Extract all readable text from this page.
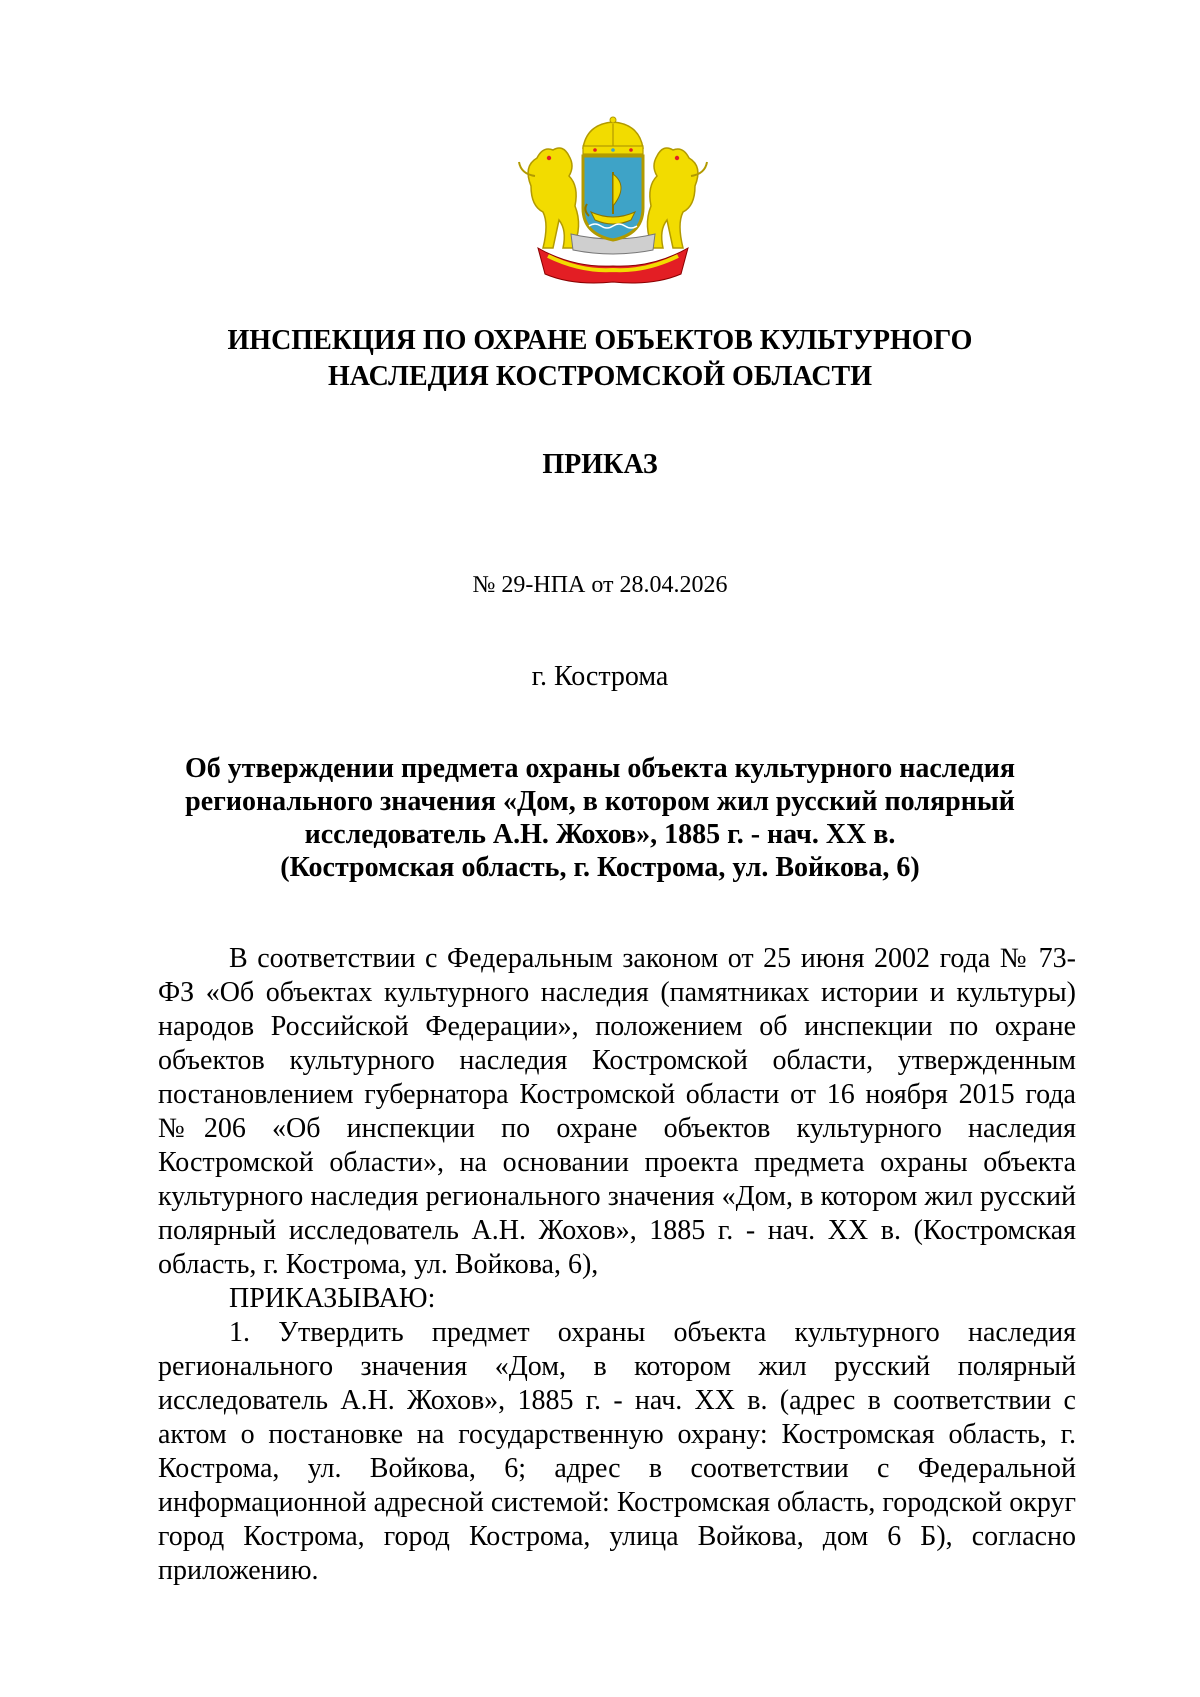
ИНСПЕКЦИЯ ПО ОХРАНЕ ОБЪЕКТОВ КУЛЬТУРНОГО
НАСЛЕДИЯ КОСТРОМСКОЙ ОБЛАСТИ
ПРИКАЗ
№ 29-НПА от 28.04.2026
г. Кострома
Об утверждении предмета охраны объекта культурного наследия
регионального значения «Дом, в котором жил русский полярный
исследователь А.Н. Жохов», 1885 г. - нач. XX в.
(Костромская область, г. Кострома, ул. Войкова, 6)

В соответствии с Федеральным законом от 25 июня 2002 года № 73-ФЗ «Об объектах культурного наследия (памятниках истории и культуры) народов Российской Федерации», положением об инспекции по охране объектов культурного наследия Костромской области, утвержденным постановлением губернатора Костромской области от 16 ноября 2015 года №206 «Об инспекции по охране объектов культурного наследия Костромской области», на основании проекта предмета охраны объекта культурного наследия регионального значения «Дом, в котором жил русский полярный исследователь А.Н. Жохов», 1885 г. - нач. XX в. (Костромская область, г. Кострома, ул. Войкова, 6),

ПРИКАЗЫВАЮ:

1. Утвердить предмет охраны объекта культурного наследия регионального значения «Дом, в котором жил русский полярный исследователь А.Н. Жохов», 1885 г. - нач. XX в. (адрес в соответствии с актом о постановке на государственную охрану: Костромская область, г. Кострома, ул. Войкова, 6; адрес в соответствии с Федеральной информационной адресной системой: Костромская область, городской округ город Кострома, город Кострома, улица Войкова, дом 6 Б), согласно приложению.
